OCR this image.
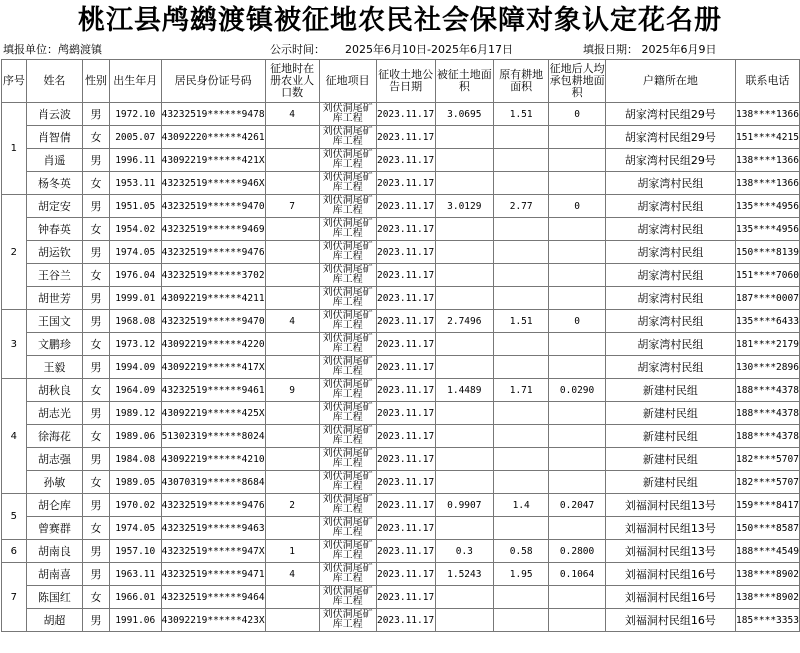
桃江县鸬鹚渡镇被征地农民社会保障对象认定花名册
填报单位：鸬鹚渡镇	公示时间： 2025年6月10日-2025年6月17日	填报日期： 2025年6月9日
序号	姓名	性别	出生年月	居民身份证号码	征地时在册农业人口数	征地项目	征收土地公告日期	被征土地面积	原有耕地面积	征地后人均承包耕地面积	户籍所在地	联系电话
1	肖云波	男	1972.10	43232519******9478	4	刘伏洞尾矿库工程	2023.11.17	3.0695	1.51	0	胡家湾村民组29号	138****1366
	肖智倩	女	2005.07	43092220******4261		刘伏洞尾矿库工程	2023.11.17				胡家湾村民组29号	151****4215
	肖遥	男	1996.11	43092219******421X		刘伏洞尾矿库工程	2023.11.17				胡家湾村民组29号	138****1366
	杨冬英	女	1953.11	43232519******946X		刘伏洞尾矿库工程	2023.11.17				胡家湾村民组	138****1366
2	胡定安	男	1951.05	43232519******9470	7	刘伏洞尾矿库工程	2023.11.17	3.0129	2.77	0	胡家湾村民组	135****4956
	钟春英	女	1954.02	43232519******9469		刘伏洞尾矿库工程	2023.11.17				胡家湾村民组	135****4956
	胡运钦	男	1974.05	43232519******9476		刘伏洞尾矿库工程	2023.11.17				胡家湾村民组	150****8139
	王谷兰	女	1976.04	43232519******3702		刘伏洞尾矿库工程	2023.11.17				胡家湾村民组	151****7060
	胡世芳	男	1999.01	43092219******4211		刘伏洞尾矿库工程	2023.11.17				胡家湾村民组	187****0007
3	王国文	男	1968.08	43232519******9470	4	刘伏洞尾矿库工程	2023.11.17	2.7496	1.51	0	胡家湾村民组	135****6433
	文鹏珍	女	1973.12	43092219******4220		刘伏洞尾矿库工程	2023.11.17				胡家湾村民组	181****2179
	王毅	男	1994.09	43092219******417X		刘伏洞尾矿库工程	2023.11.17				胡家湾村民组	130****2896
4	胡秋良	女	1964.09	43232519******9461	9	刘伏洞尾矿库工程	2023.11.17	1.4489	1.71	0.0290	新建村民组	188****4378
	胡志光	男	1989.12	43092219******425X		刘伏洞尾矿库工程	2023.11.17				新建村民组	188****4378
	徐海花	女	1989.06	51302319******8024		刘伏洞尾矿库工程	2023.11.17				新建村民组	188****4378
	胡志强	男	1984.08	43092219******4210		刘伏洞尾矿库工程	2023.11.17				新建村民组	182****5707
	孙敏	女	1989.05	43070319******8684		刘伏洞尾矿库工程	2023.11.17				新建村民组	182****5707
5	胡仑库	男	1970.02	43232519******9476	2	刘伏洞尾矿库工程	2023.11.17	0.9907	1.4	0.2047	刘福洞村民组13号	159****8417
	曾赛群	女	1974.05	43232519******9463		刘伏洞尾矿库工程	2023.11.17				刘福洞村民组13号	150****8587
6	胡南良	男	1957.10	43232519******947X	1	刘伏洞尾矿库工程	2023.11.17	0.3	0.58	0.2800	刘福洞村民组13号	188****4549
7	胡南喜	男	1963.11	43232519******9471	4	刘伏洞尾矿库工程	2023.11.17	1.5243	1.95	0.1064	刘福洞村民组16号	138****8902
	陈国红	女	1966.01	43232519******9464		刘伏洞尾矿库工程	2023.11.17				刘福洞村民组16号	138****8902
	胡超	男	1991.06	43092219******423X		刘伏洞尾矿库工程	2023.11.17				刘福洞村民组16号	185****3353
